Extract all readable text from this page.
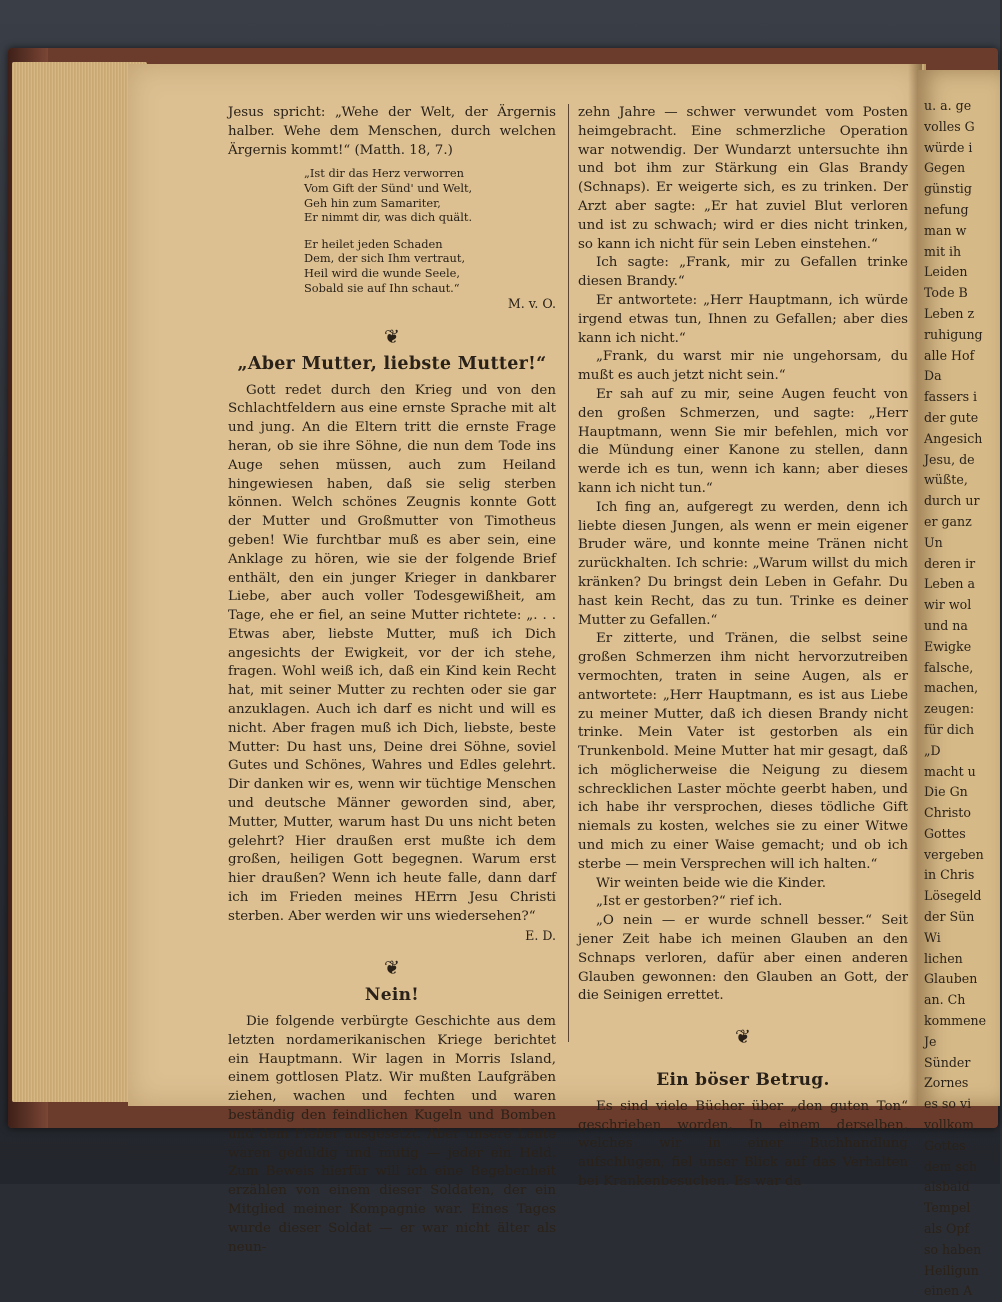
u. a. ge
volles G
würde i
Gegen
günstig
nefung
man w
mit ih
Leiden
Tode B
Leben z
ruhigung
alle Hof
Da
fassers i
der gute
Angesich
Jesu, de
wüßte,
durch ur
er ganz
Un
deren ir
Leben a
wir wol
und na
Ewigke
falsche,
machen,
zeugen:
für dich
„D
macht u
Die Gn
Christo
Gottes
vergeben
in Chris
Lösegeld
der Sün
Wi
lichen
Glauben
an. Ch
kommene
Je
Sünder
Zornes
es so vi
vollkom
Gottes
dem sch
alsbald
Tempel
als Opf
so haben
Heiligun
einen A

Jesus spricht: „Wehe der Welt, der Ärgernis halber. Wehe dem Menschen, durch welchen Ärgernis kommt!“ (Matth. 18, 7.)

„Ist dir das Herz verworren
Vom Gift der Sünd' und Welt,
Geh hin zum Samariter,
Er nimmt dir, was dich quält.
Er heilet jeden Schaden
Dem, der sich Ihm vertraut,
Heil wird die wunde Seele,
Sobald sie auf Ihn schaut.“
M. v. O.
❦
„Aber Mutter, liebste Mutter!“

Gott redet durch den Krieg und von den Schlachtfeldern aus eine ernste Sprache mit alt und jung. An die Eltern tritt die ernste Frage heran, ob sie ihre Söhne, die nun dem Tode ins Auge sehen müssen, auch zum Heiland hingewiesen haben, daß sie selig sterben können. Welch schönes Zeugnis konnte Gott der Mutter und Großmutter von Timotheus geben! Wie furchtbar muß es aber sein, eine Anklage zu hören, wie sie der folgende Brief enthält, den ein junger Krieger in dankbarer Liebe, aber auch voller Todesgewißheit, am Tage, ehe er fiel, an seine Mutter richtete: „. . . Etwas aber, liebste Mutter, muß ich Dich angesichts der Ewigkeit, vor der ich stehe, fragen. Wohl weiß ich, daß ein Kind kein Recht hat, mit seiner Mutter zu rechten oder sie gar anzuklagen. Auch ich darf es nicht und will es nicht. Aber fragen muß ich Dich, liebste, beste Mutter: Du hast uns, Deine drei Söhne, soviel Gutes und Schönes, Wahres und Edles gelehrt. Dir danken wir es, wenn wir tüchtige Menschen und deutsche Männer geworden sind, aber, Mutter, Mutter, warum hast Du uns nicht beten gelehrt? Hier draußen erst mußte ich dem großen, heiligen Gott begegnen. Warum erst hier draußen? Wenn ich heute falle, dann darf ich im Frieden meines HErrn Jesu Christi sterben. Aber werden wir uns wiedersehen?“

E. D.
❦
Nein!

Die folgende verbürgte Geschichte aus dem letzten nordamerikanischen Kriege berichtet ein Hauptmann. Wir lagen in Morris Island, einem gottlosen Platz. Wir mußten Laufgräben ziehen, wachen und fechten und waren beständig den feindlichen Kugeln und Bomben und dem Fieber ausgesetzt. Aber unsere Leute waren geduldig und mutig — jeder ein Held. Zum Beweis hierfür will ich eine Begebenheit erzählen von einem dieser Soldaten, der ein Mitglied meiner Kompagnie war. Eines Tages wurde dieser Soldat — er war nicht älter als neun-

zehn Jahre — schwer verwundet vom Posten heimgebracht. Eine schmerzliche Operation war notwendig. Der Wundarzt untersuchte ihn und bot ihm zur Stärkung ein Glas Brandy (Schnaps). Er weigerte sich, es zu trinken. Der Arzt aber sagte: „Er hat zuviel Blut verloren und ist zu schwach; wird er dies nicht trinken, so kann ich nicht für sein Leben einstehen.“

Ich sagte: „Frank, mir zu Gefallen trinke diesen Brandy.“

Er antwortete: „Herr Hauptmann, ich würde irgend etwas tun, Ihnen zu Gefallen; aber dies kann ich nicht.“

„Frank, du warst mir nie ungehorsam, du mußt es auch jetzt nicht sein.“

Er sah auf zu mir, seine Augen feucht von den großen Schmerzen, und sagte: „Herr Hauptmann, wenn Sie mir befehlen, mich vor die Mündung einer Kanone zu stellen, dann werde ich es tun, wenn ich kann; aber dieses kann ich nicht tun.“

Ich fing an, aufgeregt zu werden, denn ich liebte diesen Jungen, als wenn er mein eigener Bruder wäre, und konnte meine Tränen nicht zurückhalten. Ich schrie: „Warum willst du mich kränken? Du bringst dein Leben in Gefahr. Du hast kein Recht, das zu tun. Trinke es deiner Mutter zu Gefallen.“

Er zitterte, und Tränen, die selbst seine großen Schmerzen ihm nicht hervorzutreiben vermochten, traten in seine Augen, als er antwortete: „Herr Hauptmann, es ist aus Liebe zu meiner Mutter, daß ich diesen Brandy nicht trinke. Mein Vater ist gestorben als ein Trunkenbold. Meine Mutter hat mir gesagt, daß ich möglicherweise die Neigung zu diesem schrecklichen Laster möchte geerbt haben, und ich habe ihr versprochen, dieses tödliche Gift niemals zu kosten, welches sie zu einer Witwe und mich zu einer Waise gemacht; und ob ich sterbe — mein Versprechen will ich halten.“

Wir weinten beide wie die Kinder.

„Ist er gestorben?“ rief ich.

„O nein — er wurde schnell besser.“ Seit jener Zeit habe ich meinen Glauben an den Schnaps verloren, dafür aber einen anderen Glauben gewonnen: den Glauben an Gott, der die Seinigen errettet.

❦
Ein böser Betrug.

Es sind viele Bücher über „den guten Ton“ geschrieben worden. In einem derselben, welches wir in einer Buchhandlung aufschlugen, fiel unser Blick auf das Verhalten bei Krankenbesuchen. Es war da
